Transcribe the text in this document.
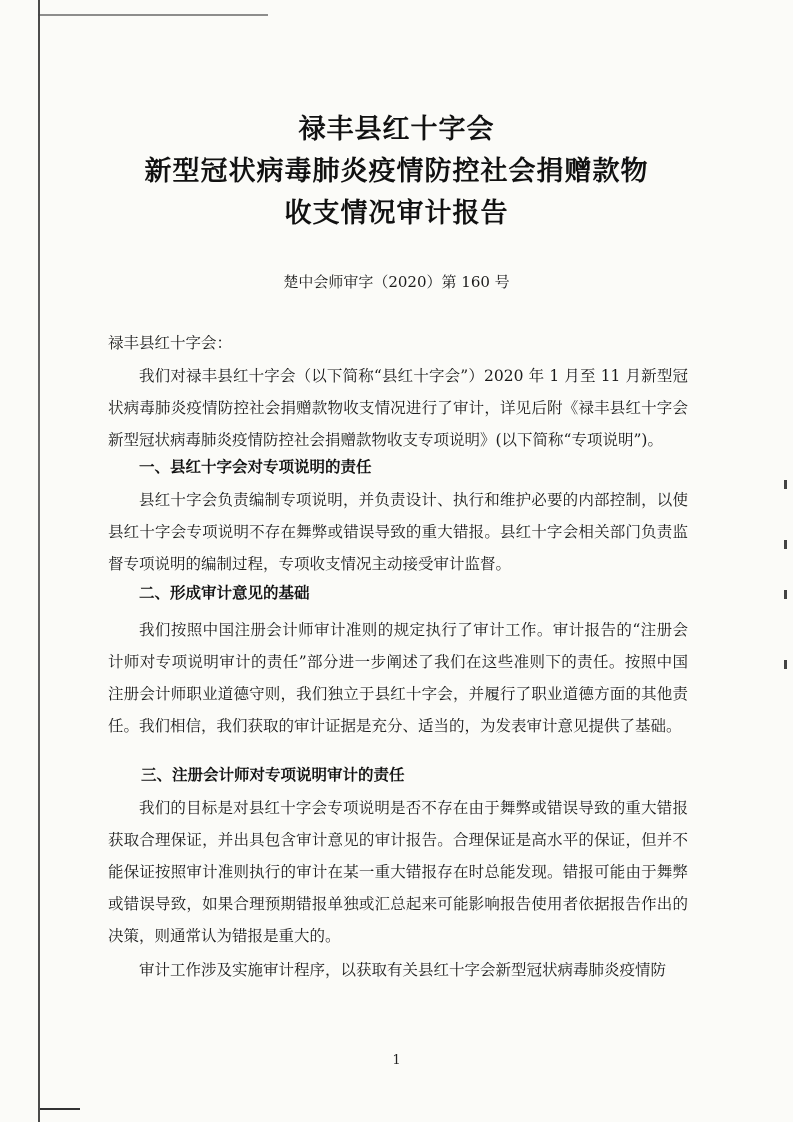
禄丰县红十字会
新型冠状病毒肺炎疫情防控社会捐赠款物
收支情况审计报告
楚中会师审字（2020）第 160 号
禄丰县红十字会：

我们对禄丰县红十字会（以下简称“县红十字会”）2020 年 1 月至 11 月新型冠状病毒肺炎疫情防控社会捐赠款物收支情况进行了审计，详见后附《禄丰县红十字会新型冠状病毒肺炎疫情防控社会捐赠款物收支专项说明》(以下简称“专项说明”)。

一、县红十字会对专项说明的责任

县红十字会负责编制专项说明，并负责设计、执行和维护必要的内部控制，以使县红十字会专项说明不存在舞弊或错误导致的重大错报。县红十字会相关部门负责监督专项说明的编制过程，专项收支情况主动接受审计监督。

二、形成审计意见的基础

我们按照中国注册会计师审计准则的规定执行了审计工作。审计报告的“注册会计师对专项说明审计的责任”部分进一步阐述了我们在这些准则下的责任。按照中国注册会计师职业道德守则，我们独立于县红十字会，并履行了职业道德方面的其他责任。我们相信，我们获取的审计证据是充分、适当的，为发表审计意见提供了基础。

三、注册会计师对专项说明审计的责任

我们的目标是对县红十字会专项说明是否不存在由于舞弊或错误导致的重大错报获取合理保证，并出具包含审计意见的审计报告。合理保证是高水平的保证，但并不能保证按照审计准则执行的审计在某一重大错报存在时总能发现。错报可能由于舞弊或错误导致，如果合理预期错报单独或汇总起来可能影响报告使用者依据报告作出的决策，则通常认为错报是重大的。

审计工作涉及实施审计程序，以获取有关县红十字会新型冠状病毒肺炎疫情防

1
